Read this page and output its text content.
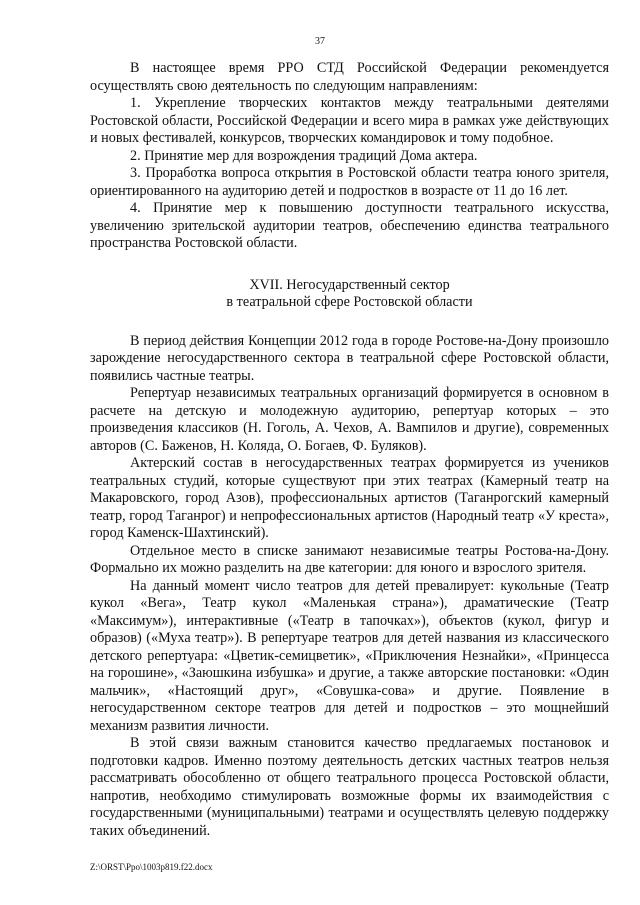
37

В настоящее время РРО СТД Российской Федерации рекомендуется осуществлять свою деятельность по следующим направлениям:

1. Укрепление творческих контактов между театральными деятелями Ростовской области, Российской Федерации и всего мира в рамках уже действующих и новых фестивалей, конкурсов, творческих командировок и тому подобное.

2. Принятие мер для возрождения традиций Дома актера.

3. Проработка вопроса открытия в Ростовской области театра юного зрителя, ориентированного на аудиторию детей и подростков в возрасте от 11 до 16 лет.

4. Принятие мер к повышению доступности театрального искусства, увеличению зрительской аудитории театров, обеспечению единства театрального пространства Ростовской области.

XVII. Негосударственный сектор
в театральной сфере Ростовской области

В период действия Концепции 2012 года в городе Ростове-на-Дону произошло зарождение негосударственного сектора в театральной сфере Ростовской области, появились частные театры.

Репертуар независимых театральных организаций формируется в основном в расчете на детскую и молодежную аудиторию, репертуар которых – это произведения классиков (Н. Гоголь, А. Чехов, А. Вампилов и другие), современных авторов (С. Баженов, Н. Коляда, О. Богаев, Ф. Буляков).

Актерский состав в негосударственных театрах формируется из учеников театральных студий, которые существуют при этих театрах (Камерный театр на Макаровского, город Азов), профессиональных артистов (Таганрогский камерный театр, город Таганрог) и непрофессиональных артистов (Народный театр «У креста», город Каменск-Шахтинский).

Отдельное место в списке занимают независимые театры Ростова-на-Дону. Формально их можно разделить на две категории: для юного и взрослого зрителя.

На данный момент число театров для детей превалирует: кукольные (Театр кукол «Вега», Театр кукол «Маленькая страна»), драматические (Театр «Максимум»), интерактивные («Театр в тапочках»), объектов (кукол, фигур и образов) («Муха театр»). В репертуаре театров для детей названия из классического детского репертуара: «Цветик-семицветик», «Приключения Незнайки», «Принцесса на горошине», «Заюшкина избушка» и другие, а также авторские постановки: «Один мальчик», «Настоящий друг», «Совушка-сова» и другие. Появление в негосударственном секторе театров для детей и подростков – это мощнейший механизм развития личности.

В этой связи важным становится качество предлагаемых постановок и подготовки кадров. Именно поэтому деятельность детских частных театров нельзя рассматривать обособленно от общего театрального процесса Ростовской области, напротив, необходимо стимулировать возможные формы их взаимодействия с государственными (муниципальными) театрами и осуществлять целевую поддержку таких объединений.

Z:\ORST\Ppo\1003p819.f22.docx
